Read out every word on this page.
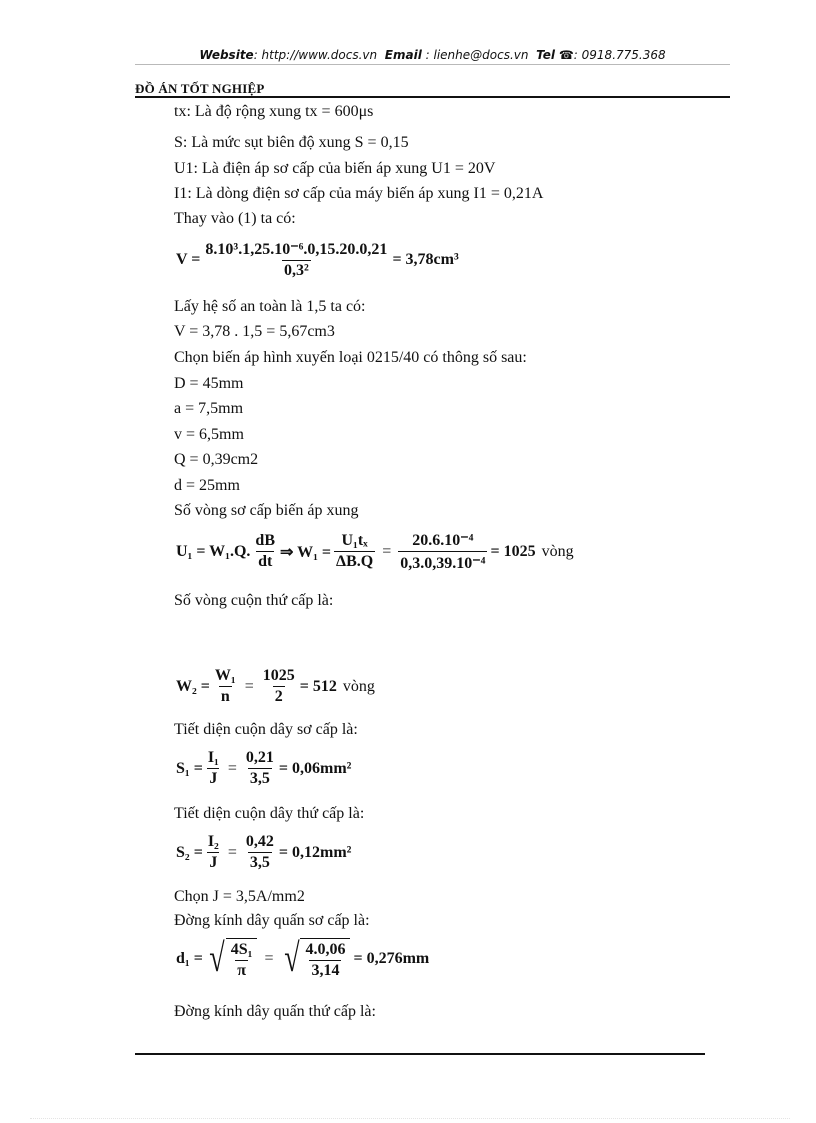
Website: http://www.docs.vn Email : lienhe@docs.vn Tel ☎: 0918.775.368
ĐỒ ÁN TỐT NGHIỆP
tx: Là độ rộng xung tx = 600μs
S: Là mức sụt biên độ xung S = 0,15
U1: Là điện áp sơ cấp của biến áp xung U1 = 20V
I1: Là dòng điện sơ cấp của máy biến áp xung I1 = 0,21A
Thay vào (1) ta có:
$V = \frac{\text{8.10³.1,25.10⁻⁶.0,15.20.0,21}}{\text{0,3²}} = 3,78cm^3$
Lấy hệ số an toàn là 1,5 ta có:
V = 3,78 . 1,5 = 5,67cm3
Chọn biến áp hình xuyến loại 0215/40 có thông số sau:
D = 45mm
a = 7,5mm
v = 6,5mm
Q = 0,39cm2
d = 25mm
Số vòng sơ cấp biến áp xung
U₁ = W₁.Q. $\frac{dB}{dt}$ ⇒ $W_1 = \frac{\text{U₁tₓ}}{\Delta B.Q} = \frac{\text{20.6.10⁻⁴}}{\text{0,3.0,39.10⁻⁴}} = 1025$ vòng
Số vòng cuộn thứ cấp là:
$W_2 = \frac{\text{W₁}}{n} = \frac{1025}{2} = 512$ vòng
Tiết diện cuộn dây sơ cấp là:
$S_1 = \frac{\text{I₁}}{J} = \frac{0,21}{3,5} = 0,06mm^2$
Tiết diện cuộn dây thứ cấp là:
$S_2 = \frac{\text{I₂}}{J} = \frac{0,42}{3,5} = 0,12mm^2$
Chọn J = 3,5A/mm2
Đờng kính dây quấn sơ cấp là:
d₁ = √ $\frac{\text{4S₁}}{\pi}$ = √ $\frac{4.0,06}{3,14} = 0,276mm$
Đờng kính dây quấn thứ cấp là:
